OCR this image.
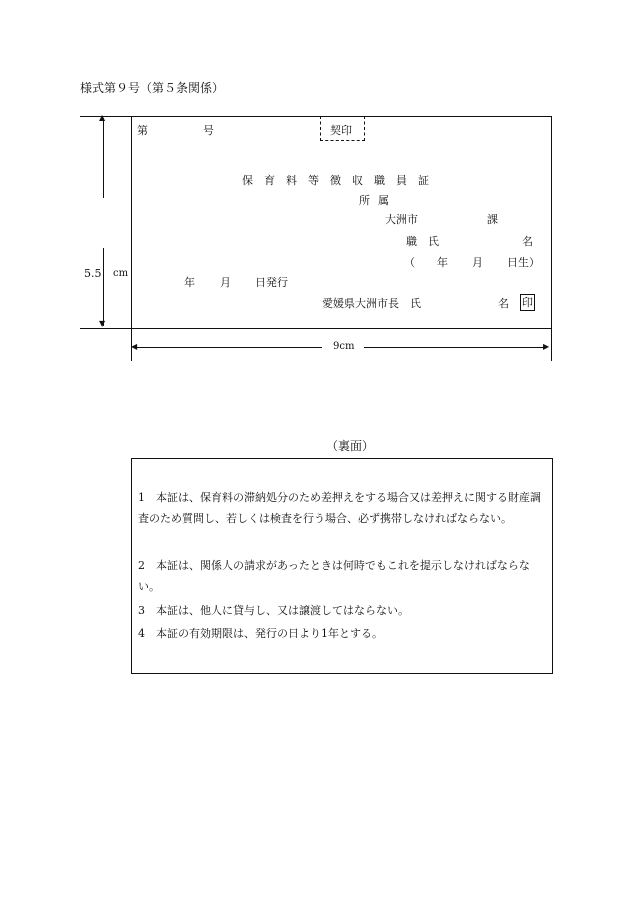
様式第９号（第５条関係）
▲
▼
5.5 cm
◀	▶
9cm
第　　号	契印
保育料等徴収職員証
所属
大洲市	課
職氏	名
（ 年 月 日生）
年 月 日発行
愛媛県大洲市長　氏	名 印
（裏面）
1　本証は、保育料の滞納処分のため差押えをする場合又は差押えに関する財産調査のため質問し、若しくは検査を行う場合、必ず携帯しなければならない。
2　本証は、関係人の請求があったときは何時でもこれを提示しなければならない。
3　本証は、他人に貸与し、又は譲渡してはならない。
4　本証の有効期限は、発行の日より1年とする。
